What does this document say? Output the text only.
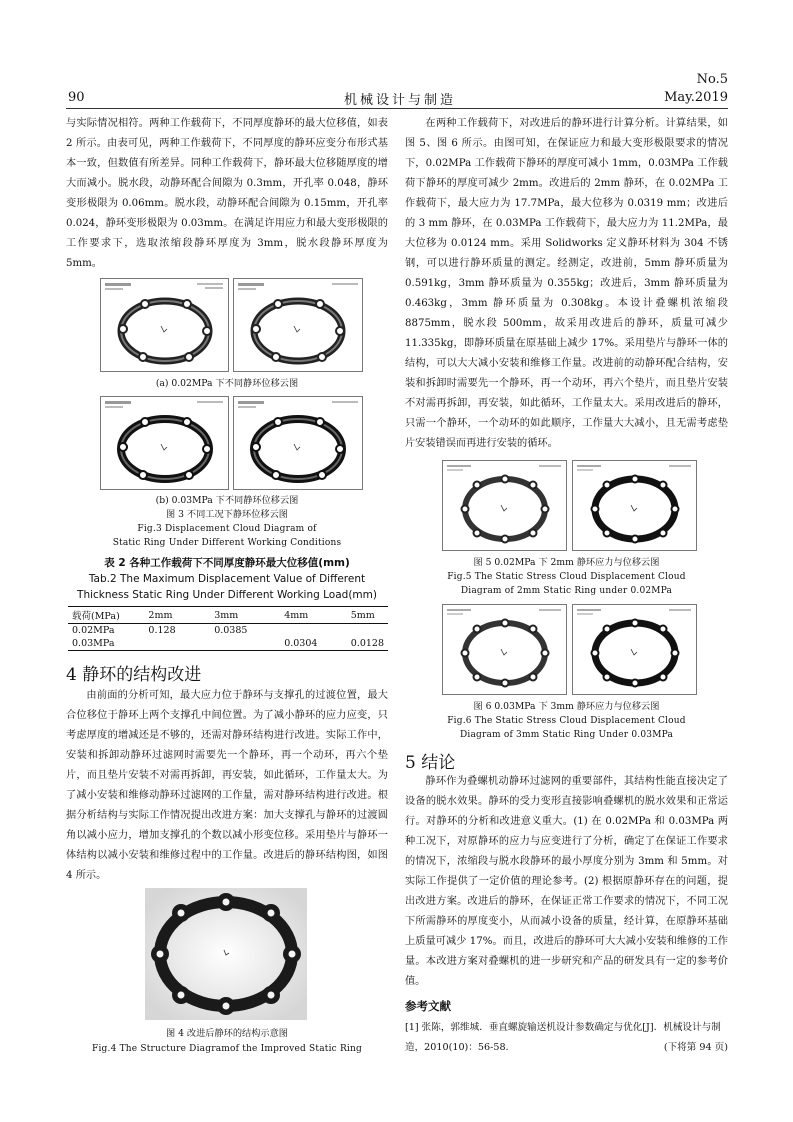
No.5
90	机械设计与制造	May.2019

与实际情况相符。两种工作载荷下，不同厚度静环的最大位移值，如表 2 所示。由表可见，两种工作载荷下，不同厚度的静环应变分布形式基本一致，但数值有所差异。同种工作载荷下，静环最大位移随厚度的增大而减小。脱水段，动静环配合间隙为 0.3mm，开孔率 0.048，静环变形极限为 0.06mm。脱水段，动静环配合间隙为 0.15mm，开孔率 0.024，静环变形极限为 0.03mm。在满足许用应力和最大变形极限的工作要求下，选取浓缩段静环厚度为 3mm，脱水段静环厚度为 5mm。

(a) 0.02MPa 下不同静环位移云图
(b) 0.03MPa 下不同静环位移云图
图 3 不同工况下静环位移云图
Fig.3 Displacement Cloud Diagram of
Static Ring Under Different Working Conditions
表 2 各种工作载荷下不同厚度静环最大位移值(mm)
Tab.2 The Maximum Displacement Value of Different
Thickness Static Ring Under Different Working Load(mm)
载荷(MPa)	2mm	3mm	4mm	5mm

0.02MPa	0.128	0.0385		
0.03MPa			0.0304	0.0128
4 静环的结构改进

由前面的分析可知，最大应力位于静环与支撑孔的过渡位置，最大合位移位于静环上两个支撑孔中间位置。为了减小静环的应力应变，只考虑厚度的增减还是不够的，还需对静环结构进行改进。实际工作中，安装和拆卸动静环过滤网时需要先一个静环，再一个动环，再六个垫片，而且垫片安装不对需再拆卸，再安装，如此循环，工作量太大。为了减小安装和维修动静环过滤网的工作量，需对静环结构进行改进。根据分析结构与实际工作情况提出改进方案：加大支撑孔与静环的过渡圆角以减小应力，增加支撑孔的个数以减小形变位移。采用垫片与静环一体结构以减小安装和维修过程中的工作量。改进后的静环结构图，如图 4 所示。

图 4 改进后静环的结构示意图
Fig.4 The Structure Diagramof the Improved Static Ring

在两种工作载荷下，对改进后的静环进行计算分析。计算结果，如图 5、图 6 所示。由图可知，在保证应力和最大变形极限要求的情况下，0.02MPa 工作载荷下静环的厚度可减小 1mm，0.03MPa 工作载荷下静环的厚度可减少 2mm。改进后的 2mm 静环，在 0.02MPa 工作载荷下，最大应力为 17.7MPa，最大位移为 0.0319 mm；改进后的 3 mm 静环，在 0.03MPa 工作载荷下，最大应力为 11.2MPa，最大位移为 0.0124 mm。采用 Solidworks 定义静环材料为 304 不锈钢，可以进行静环质量的测定。经测定，改进前，5mm 静环质量为 0.591kg，3mm 静环质量为 0.355kg；改进后，3mm 静环质量为 0.463kg，3mm 静环质量为 0.308kg。本设计叠螺机浓缩段 8875mm，脱水段 500mm，故采用改进后的静环，质量可减少 11.335kg，即静环质量在原基础上减少 17%。采用垫片与静环一体的结构，可以大大减小安装和维修工作量。改进前的动静环配合结构，安装和拆卸时需要先一个静环，再一个动环，再六个垫片，而且垫片安装不对需再拆卸，再安装，如此循环，工作量太大。采用改进后的静环，只需一个静环，一个动环的如此顺序，工作量大大减小，且无需考虑垫片安装错误而再进行安装的循环。

图 5 0.02MPa 下 2mm 静环应力与位移云图
Fig.5 The Static Stress Cloud Displacement Cloud
Diagram of 2mm Static Ring under 0.02MPa
图 6 0.03MPa 下 3mm 静环应力与位移云图
Fig.6 The Static Stress Cloud Displacement Cloud
Diagram of 3mm Static Ring Under 0.03MPa
5 结论

静环作为叠螺机动静环过滤网的重要部件，其结构性能直接决定了设备的脱水效果。静环的受力变形直接影响叠螺机的脱水效果和正常运行。对静环的分析和改进意义重大。(1) 在 0.02MPa 和 0.03MPa 两种工况下，对原静环的应力与应变进行了分析，确定了在保证工作要求的情况下，浓缩段与脱水段静环的最小厚度分别为 3mm 和 5mm。对实际工作提供了一定价值的理论参考。(2) 根据原静环存在的问题，提出改进方案。改进后的静环，在保证正常工作要求的情况下，不同工况下所需静环的厚度变小，从而减小设备的质量，经计算，在原静环基础上质量可减少 17%。而且，改进后的静环可大大减小安装和维修的工作量。本改进方案对叠螺机的进一步研究和产品的研发具有一定的参考价值。

参考文献
[1] 张陈，郭维城．垂直螺旋输送机设计参数确定与优化[J]．机械设计与制造，2010(10)：56-58.	(下将第 94 页)
